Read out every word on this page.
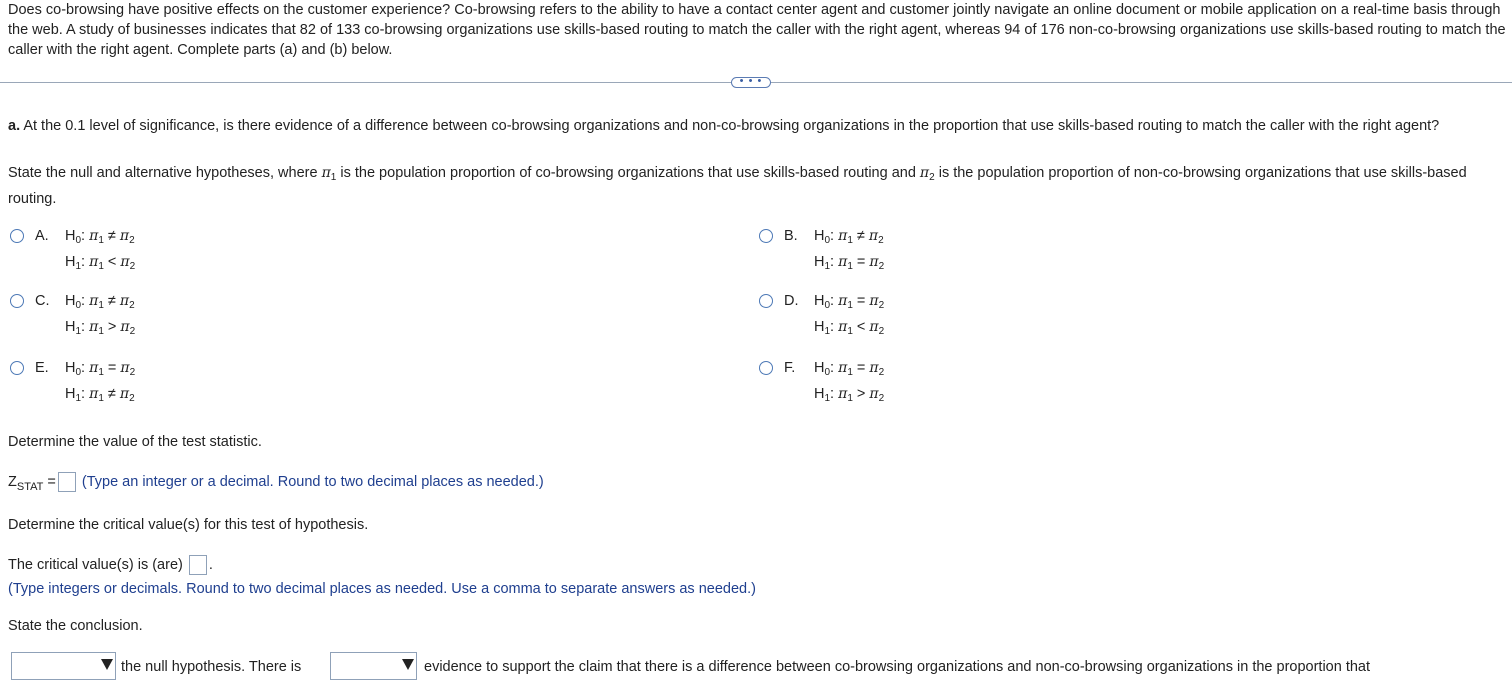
Does co-browsing have positive effects on the customer experience? Co-browsing refers to the ability to have a contact center agent and customer jointly navigate an online document or mobile application on a real-time basis through the web. A study of businesses indicates that 82 of 133 co-browsing organizations use skills-based routing to match the caller with the right agent, whereas 94 of 176 non-co-browsing organizations use skills-based routing to match the caller with the right agent. Complete parts (a) and (b) below.
• • •
a. At the 0.1 level of significance, is there evidence of a difference between co-browsing organizations and non-co-browsing organizations in the proportion that use skills-based routing to match the caller with the right agent?
State the null and alternative hypotheses, where $\pi_1$ is the population proportion of co-browsing organizations that use skills-based routing and $\pi_2$ is the population proportion of non-co-browsing organizations that use skills-based routing.
A. $H_0$: $\pi_1 \ne \pi_2$
$H_1$: $\pi_1 < \pi_2$
B. $H_0$: $\pi_1 \ne \pi_2$
$H_1$: $\pi_1 = \pi_2$
C. $H_0$: $\pi_1 \ne \pi_2$
$H_1$: $\pi_1 > \pi_2$
D. $H_0$: $\pi_1 = \pi_2$
$H_1$: $\pi_1 < \pi_2$
E. $H_0$: $\pi_1 = \pi_2$
$H_1$: $\pi_1 \ne \pi_2$
F. $H_0$: $\pi_1 = \pi_2$
$H_1$: $\pi_1 > \pi_2$
Determine the value of the test statistic.
$Z_{STAT}$ = (Type an integer or a decimal. Round to two decimal places as needed.)
Determine the critical value(s) for this test of hypothesis.
The critical value(s) is (are) .
(Type integers or decimals. Round to two decimal places as needed. Use a comma to separate answers as needed.)
State the conclusion.
the null hypothesis. There is	evidence to support the claim that there is a difference between co-browsing organizations and non-co-browsing organizations in the proportion that
